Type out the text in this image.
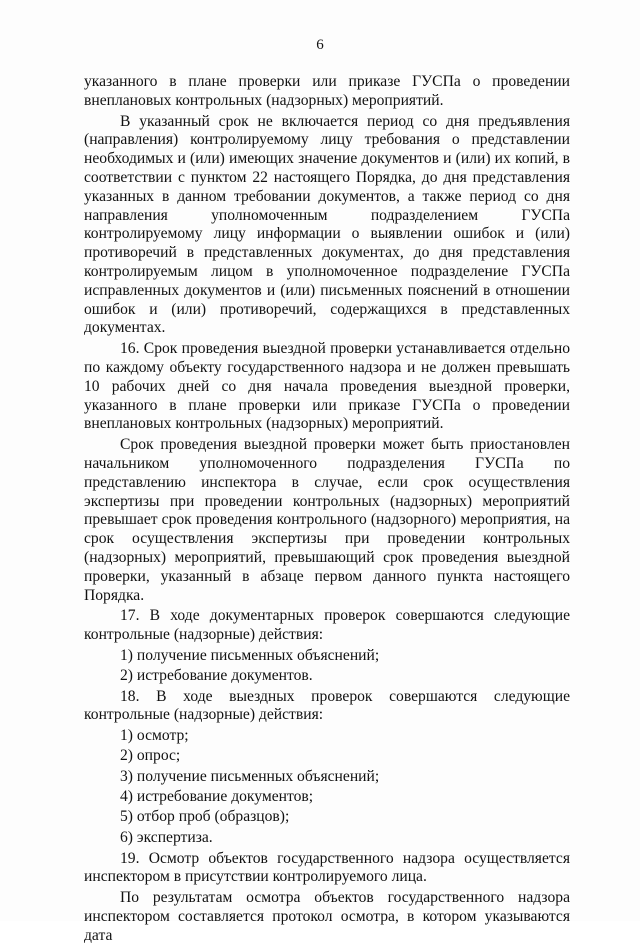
6

указанного в плане проверки или приказе ГУСПа о проведении внеплановых контрольных (надзорных) мероприятий.

В указанный срок не включается период со дня предъявления (направления) контролируемому лицу требования о представлении необходимых и (или) имеющих значение документов и (или) их копий, в соответствии с пунктом 22 настоящего Порядка, до дня представления указанных в данном требовании документов, а также период со дня направления уполномоченным подразделением ГУСПа контролируемому лицу информации о выявлении ошибок и (или) противоречий в представленных документах, до дня представления контролируемым лицом в уполномоченное подразделение ГУСПа исправленных документов и (или) письменных пояснений в отношении ошибок и (или) противоречий, содержащихся в представленных документах.

16. Срок проведения выездной проверки устанавливается отдельно по каждому объекту государственного надзора и не должен превышать 10 рабочих дней со дня начала проведения выездной проверки, указанного в плане проверки или приказе ГУСПа о проведении внеплановых контрольных (надзорных) мероприятий.

Срок проведения выездной проверки может быть приостановлен начальником уполномоченного подразделения ГУСПа по представлению инспектора в случае, если срок осуществления экспертизы при проведении контрольных (надзорных) мероприятий превышает срок проведения контрольного (надзорного) мероприятия, на срок осуществления экспертизы при проведении контрольных (надзорных) мероприятий, превышающий срок проведения выездной проверки, указанный в абзаце первом данного пункта настоящего Порядка.

17. В ходе документарных проверок совершаются следующие контрольные (надзорные) действия:

1) получение письменных объяснений;

2) истребование документов.

18. В ходе выездных проверок совершаются следующие контрольные (надзорные) действия:

1) осмотр;

2) опрос;

3) получение письменных объяснений;

4) истребование документов;

5) отбор проб (образцов);

6) экспертиза.

19. Осмотр объектов государственного надзора осуществляется инспектором в присутствии контролируемого лица.

По результатам осмотра объектов государственного надзора инспектором составляется протокол осмотра, в котором указываются дата
